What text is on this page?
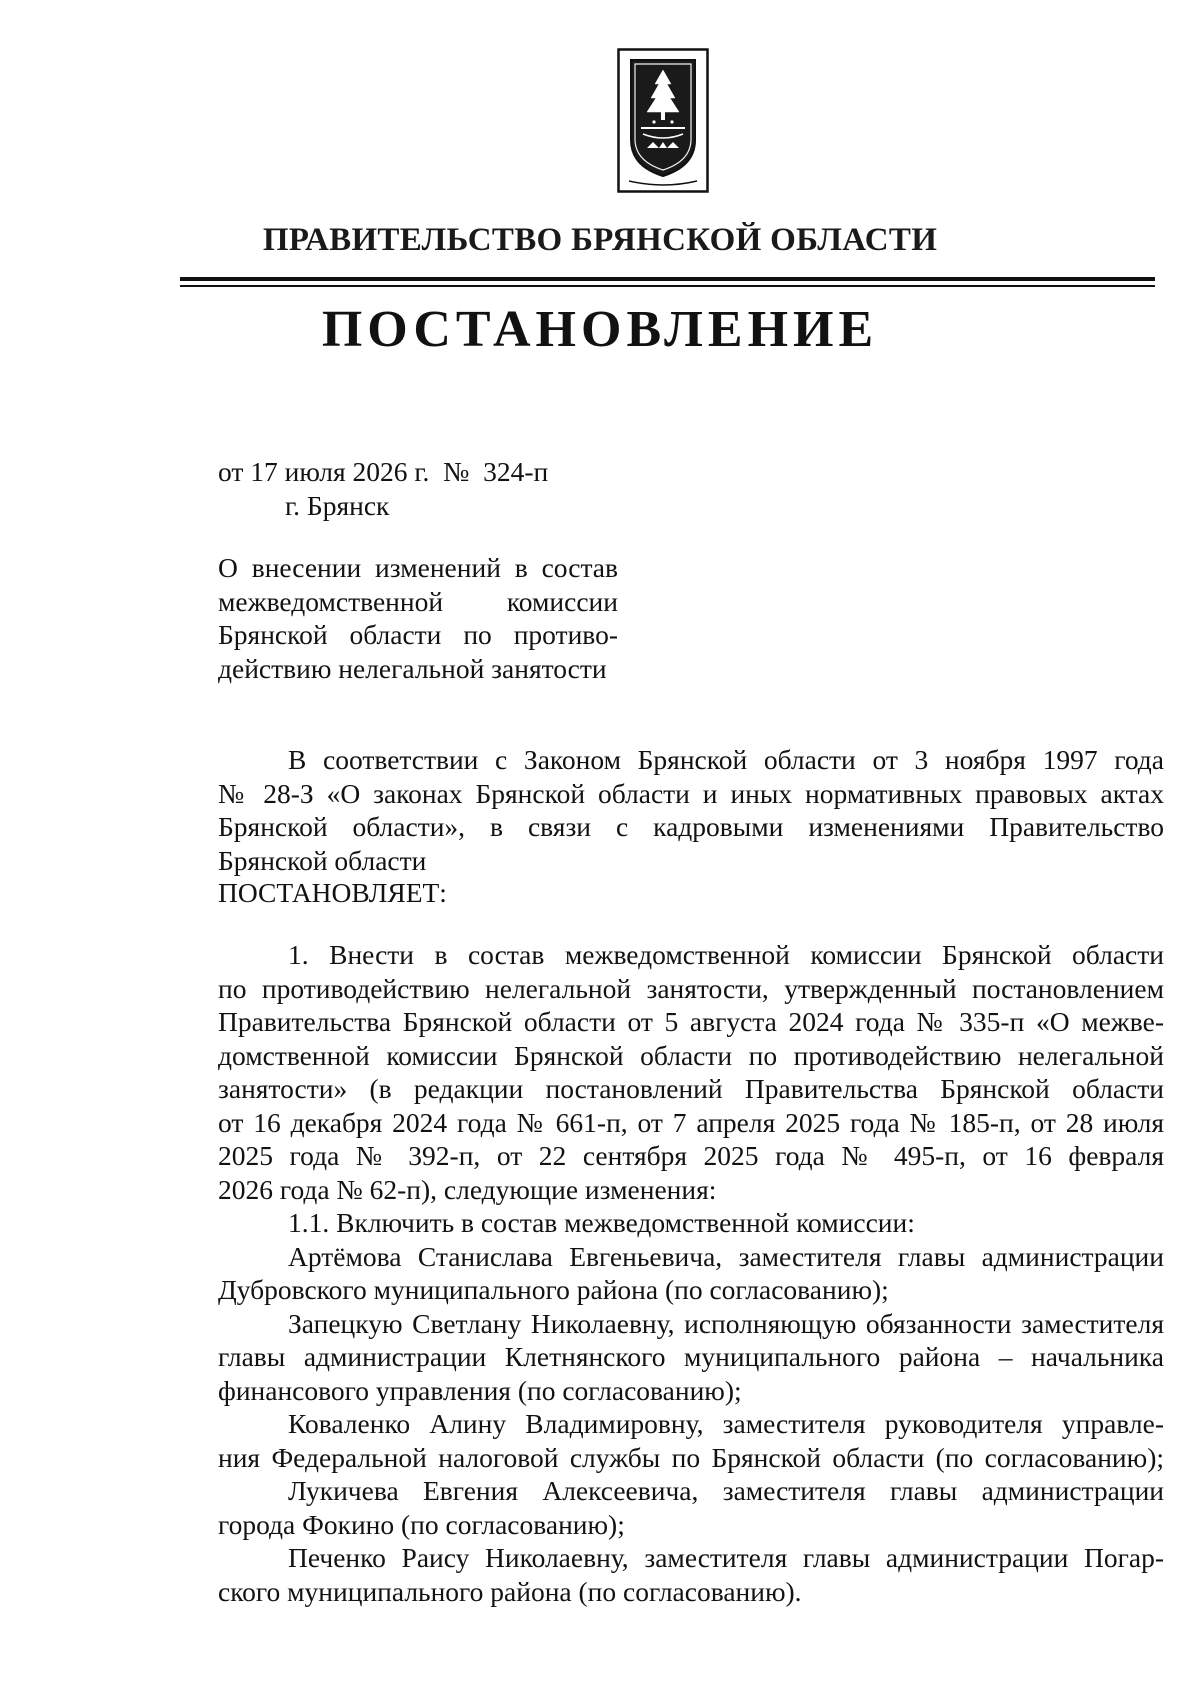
ПРАВИТЕЛЬСТВО БРЯНСКОЙ ОБЛАСТИ
ПОСТАНОВЛЕНИЕ
от 17 июля 2026 г.  №  324-п
г. Брянск
О внесении изменений в состав
межведомственной комиссии
Брянской области по противо-
действию нелегальной занятости
В соответствии с Законом Брянской области от 3 ноября 1997 года
№ 28-З «О законах Брянской области и иных нормативных правовых актах
Брянской области», в связи с кадровыми изменениями Правительство
Брянской области
ПОСТАНОВЛЯЕТ:
1. Внести в состав межведомственной комиссии Брянской области
по противодействию нелегальной занятости, утвержденный постановлением
Правительства Брянской области от 5 августа 2024 года № 335-п «О межве-
домственной комиссии Брянской области по противодействию нелегальной
занятости» (в редакции постановлений Правительства Брянской области
от 16 декабря 2024 года № 661-п, от 7 апреля 2025 года № 185-п, от 28 июля
2025 года № 392-п, от 22 сентября 2025 года № 495-п, от 16 февраля
2026 года № 62-п), следующие изменения:
1.1. Включить в состав межведомственной комиссии:
Артёмова Станислава Евгеньевича, заместителя главы администрации
Дубровского муниципального района (по согласованию);
Запецкую Светлану Николаевну, исполняющую обязанности заместителя
главы администрации Клетнянского муниципального района – начальника
финансового управления (по согласованию);
Коваленко Алину Владимировну, заместителя руководителя управле-
ния Федеральной налоговой службы по Брянской области (по согласованию);
Лукичева Евгения Алексеевича, заместителя главы администрации
города Фокино (по согласованию);
Печенко Раису Николаевну, заместителя главы администрации Погар-
ского муниципального района (по согласованию).
